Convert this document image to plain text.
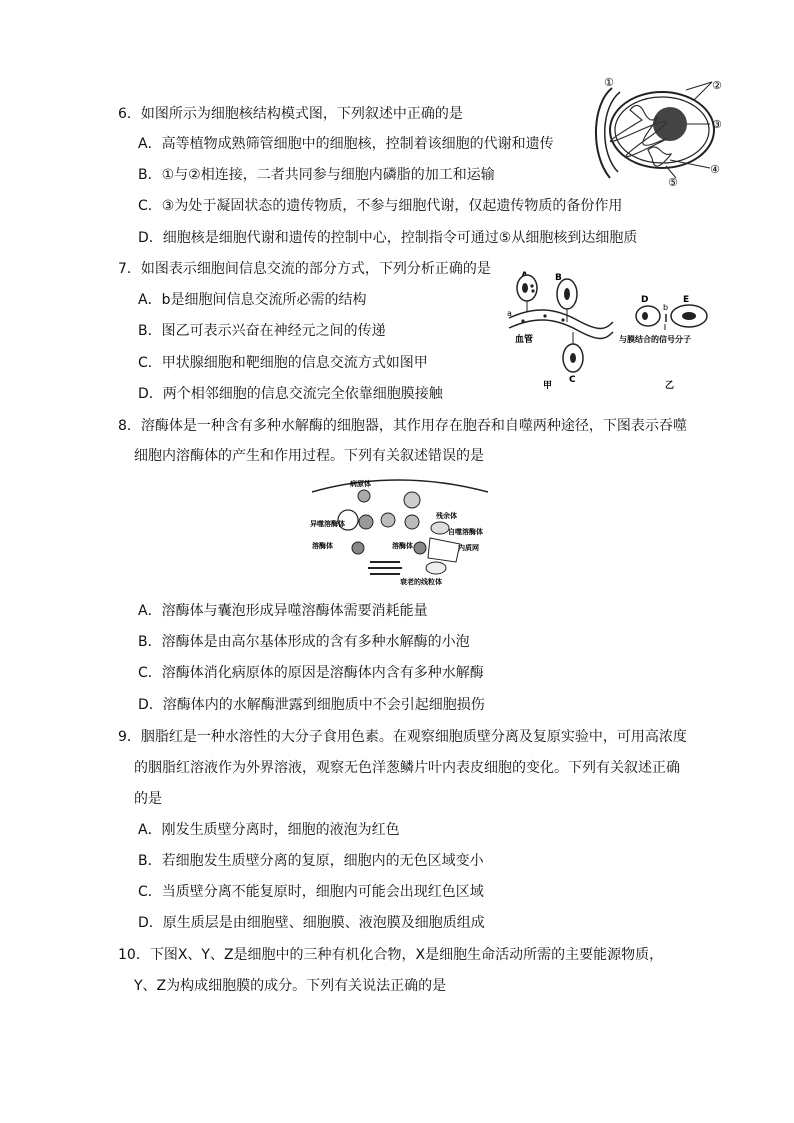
6．如图所示为细胞核结构模式图，下列叙述中正确的是
A．高等植物成熟筛管细胞中的细胞核，控制着该细胞的代谢和遗传
B．①与②相连接，二者共同参与细胞内磷脂的加工和运输
C．③为处于凝固状态的遗传物质，不参与细胞代谢，仅起遗传物质的备份作用
D．细胞核是细胞代谢和遗传的控制中心，控制指令可通过⑤从细胞核到达细胞质
①	②
③
④
⑤
7．如图表示细胞间信息交流的部分方式，下列分析正确的是
A．b是细胞间信息交流所必需的结构
B．图乙可表示兴奋在神经元之间的传递
C．甲状腺细胞和靶细胞的信息交流方式如图甲
D．两个相邻细胞的信息交流完全依靠细胞膜接触
B
a
血管
C
甲
D
b
E
与膜结合的信号分子
乙
8．溶酶体是一种含有多种水解酶的细胞器，其作用存在胞吞和自噬两种途径，下图表示吞噬
细胞内溶酶体的产生和作用过程。下列有关叙述错误的是
病原体
异噬溶酶体
残余体
自噬溶酶体
溶酶体	溶酶体	内质网
衰老的线粒体
A．溶酶体与囊泡形成异噬溶酶体需要消耗能量
B．溶酶体是由高尔基体形成的含有多种水解酶的小泡
C．溶酶体消化病原体的原因是溶酶体内含有多种水解酶
D．溶酶体内的水解酶泄露到细胞质中不会引起细胞损伤
9．胭脂红是一种水溶性的大分子食用色素。在观察细胞质壁分离及复原实验中，可用高浓度
的胭脂红溶液作为外界溶液，观察无色洋葱鳞片叶内表皮细胞的变化。下列有关叙述正确
的是
A．刚发生质壁分离时，细胞的液泡为红色
B．若细胞发生质壁分离的复原，细胞内的无色区域变小
C．当质壁分离不能复原时，细胞内可能会出现红色区域
D．原生质层是由细胞壁、细胞膜、液泡膜及细胞质组成
10．下图X、Y、Z是细胞中的三种有机化合物，X是细胞生命活动所需的主要能源物质，
Y、Z为构成细胞膜的成分。下列有关说法正确的是
